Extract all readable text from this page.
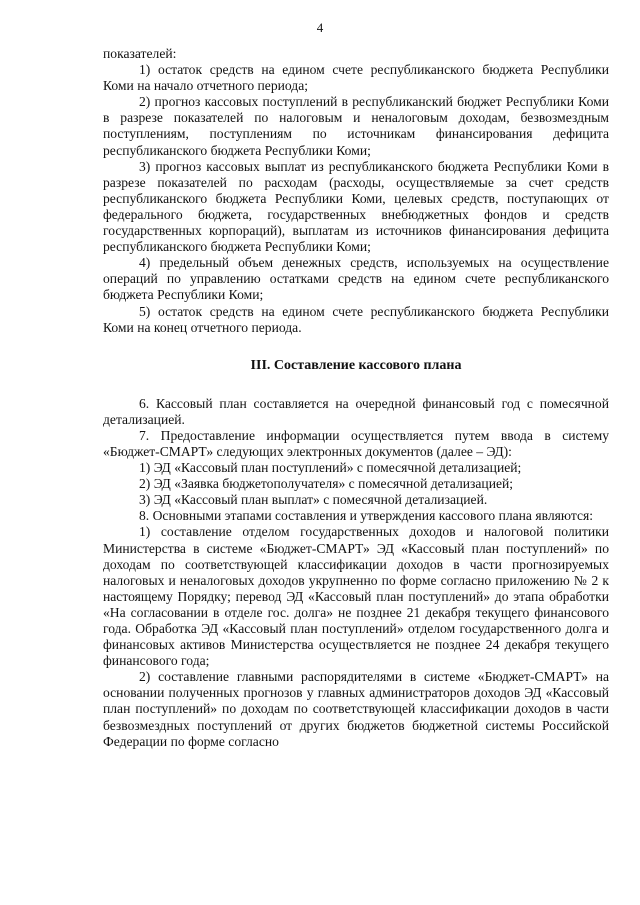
4

показателей:

1) остаток средств на едином счете республиканского бюджета Республики Коми на начало отчетного периода;

2) прогноз кассовых поступлений в республиканский бюджет Республики Коми в разрезе показателей по налоговым и неналоговым доходам, безвозмездным поступлениям, поступлениям по источникам финансирования дефицита республиканского бюджета Республики Коми;

3) прогноз кассовых выплат из республиканского бюджета Республики Коми в разрезе показателей по расходам (расходы, осуществляемые за счет средств республиканского бюджета Республики Коми, целевых средств, поступающих от федерального бюджета, государственных внебюджетных фондов и средств государственных корпораций), выплатам из источников финансирования дефицита республиканского бюджета Республики Коми;

4) предельный объем денежных средств, используемых на осуществление операций по управлению остатками средств на едином счете республиканского бюджета Республики Коми;

5) остаток средств на едином счете республиканского бюджета Республики Коми на конец отчетного периода.

III. Составление кассового плана

6. Кассовый план составляется на очередной финансовый год с помесячной детализацией.

7. Предоставление информации осуществляется путем ввода в систему «Бюджет-СМАРТ» следующих электронных документов (далее – ЭД):

1) ЭД «Кассовый план поступлений» с помесячной детализацией;

2) ЭД «Заявка бюджетополучателя» с помесячной детализацией;

3) ЭД «Кассовый план выплат» с помесячной детализацией.

8. Основными этапами составления и утверждения кассового плана являются:

1) составление отделом государственных доходов и налоговой политики Министерства в системе «Бюджет-СМАРТ» ЭД «Кассовый план поступлений» по доходам по соответствующей классификации доходов в части прогнозируемых налоговых и неналоговых доходов укрупненно по форме согласно приложению № 2 к настоящему Порядку; перевод ЭД «Кассовый план поступлений» до этапа обработки «На согласовании в отделе гос. долга» не позднее 21 декабря текущего финансового года. Обработка ЭД «Кассовый план поступлений» отделом государственного долга и финансовых активов Министерства осуществляется не позднее 24 декабря текущего финансового года;

2) составление главными распорядителями в системе «Бюджет-СМАРТ» на основании полученных прогнозов у главных администраторов доходов ЭД «Кассовый план поступлений» по доходам по соответствующей классификации доходов в части безвозмездных поступлений от других бюджетов бюджетной системы Российской Федерации по форме согласно
